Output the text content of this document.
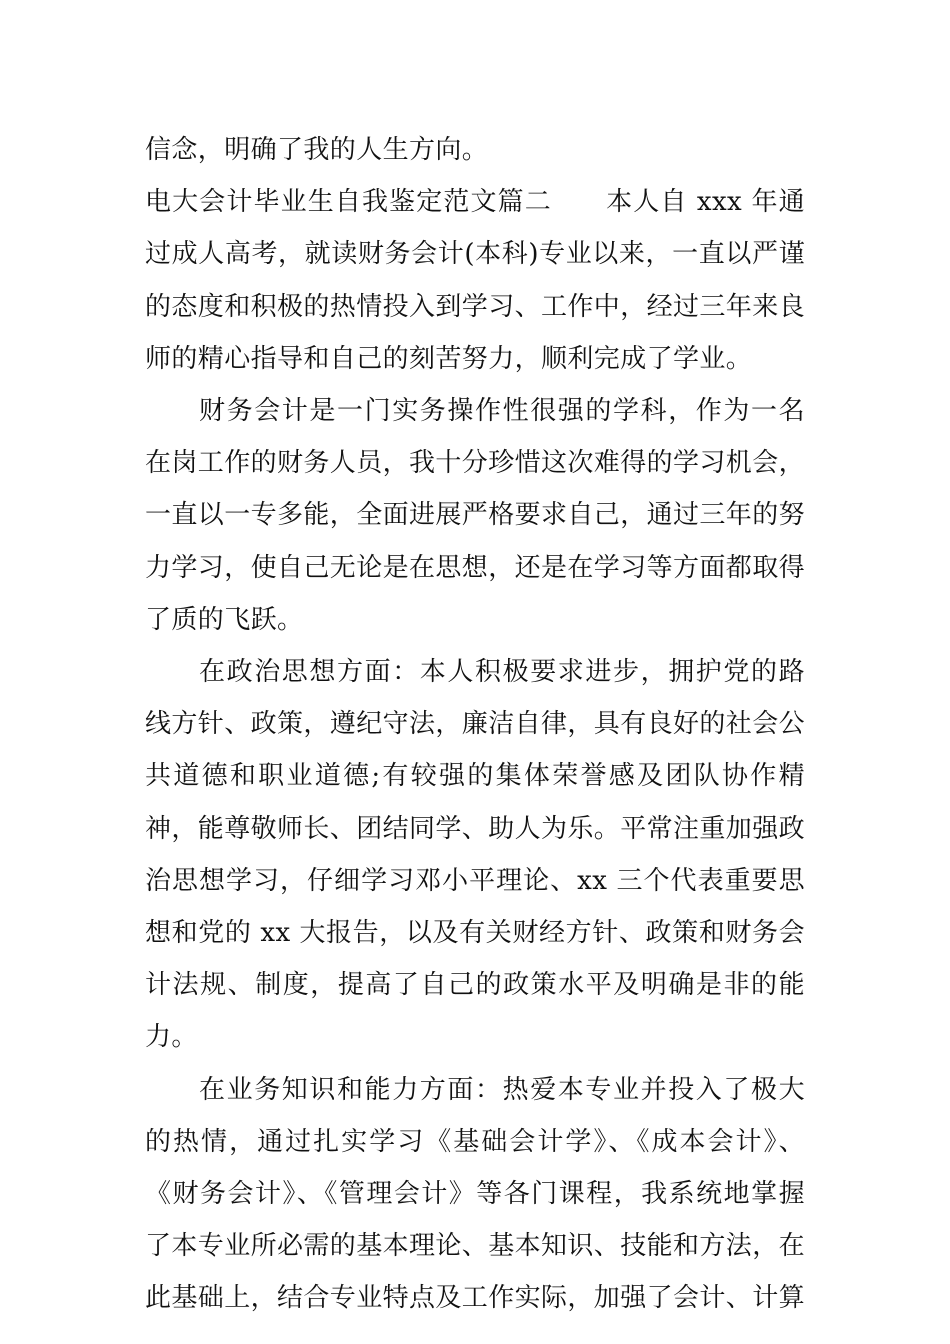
信念，明确了我的人生方向。

电大会计毕业生自我鉴定范文篇二　　本人自 xxx 年通过成人高考，就读财务会计(本科)专业以来，一直以严谨的态度和积极的热情投入到学习、工作中，经过三年来良师的精心指导和自己的刻苦努力，顺利完成了学业。

财务会计是一门实务操作性很强的学科，作为一名在岗工作的财务人员，我十分珍惜这次难得的学习机会，一直以一专多能，全面进展严格要求自己，通过三年的努力学习，使自己无论是在思想，还是在学习等方面都取得了质的飞跃。

在政治思想方面：本人积极要求进步，拥护党的路线方针、政策，遵纪守法，廉洁自律，具有良好的社会公共道德和职业道德;有较强的集体荣誉感及团队协作精神，能尊敬师长、团结同学、助人为乐。平常注重加强政治思想学习，仔细学习邓小平理论、xx 三个代表重要思想和党的 xx 大报告，以及有关财经方针、政策和财务会计法规、制度，提高了自己的政策水平及明确是非的能力。

在业务知识和能力方面：热爱本专业并投入了极大的热情，通过扎实学习《基础会计学》、《成本会计》、《财务会计》、《管理会计》等各门课程，我系统地掌握了本专业所必需的基本理论、基本知识、技能和方法，在此基础上，结合专业特点及工作实际，加强了会计、计算
